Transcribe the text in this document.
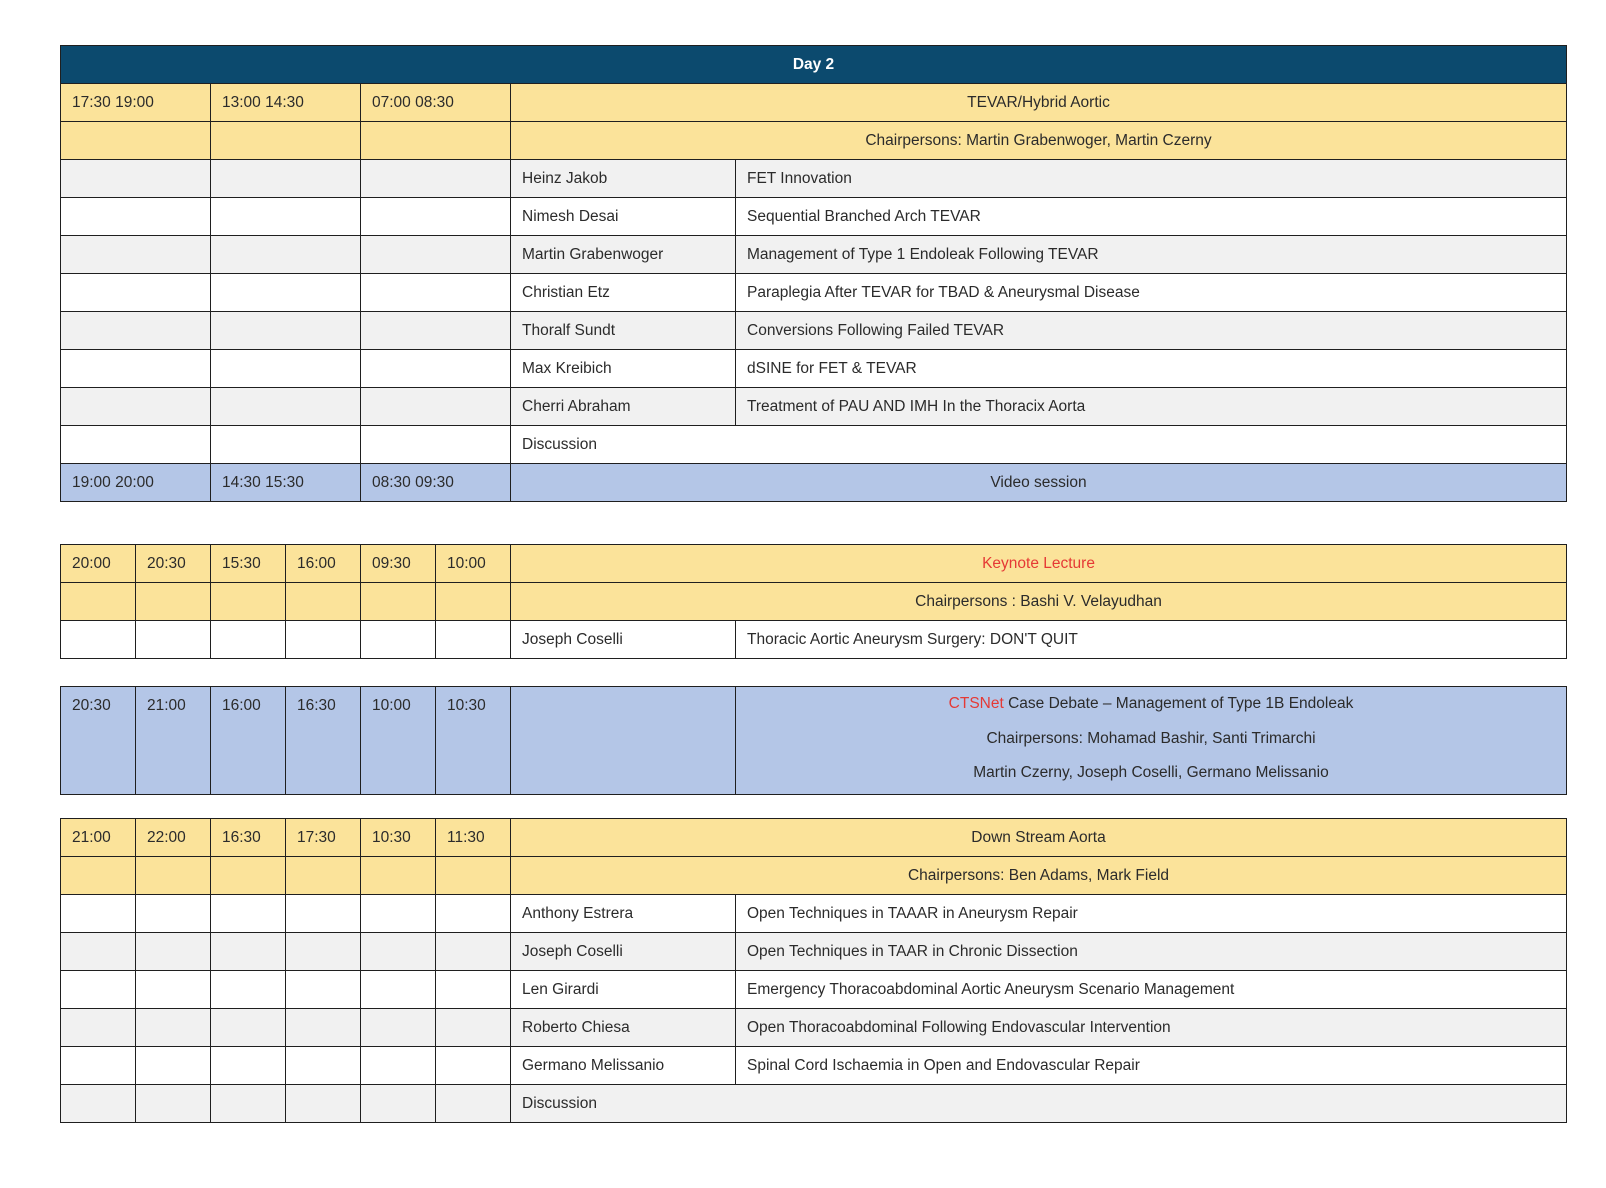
Day 2				
17:30 19:00	13:00 14:30	07:00 08:30	TEVAR/Hybrid Aortic	
			Chairpersons: Martin Grabenwoger, Martin Czerny	
			Heinz Jakob	FET Innovation
			Nimesh Desai	Sequential Branched Arch TEVAR
			Martin Grabenwoger	Management of Type 1 Endoleak Following TEVAR
			Christian Etz	Paraplegia After TEVAR for TBAD & Aneurysmal Disease
			Thoralf Sundt	Conversions Following Failed TEVAR
			Max Kreibich	dSINE for FET & TEVAR
			Cherri Abraham	Treatment of PAU AND IMH In the Thoracix Aorta
			Discussion	
19:00 20:00	14:30 15:30	08:30 09:30	Video session	
20:00	20:30	15:30	16:00	09:30	10:00	Keynote Lecture	
						Chairpersons : Bashi V. Velayudhan	
						Joseph Coselli	Thoracic Aortic Aneurysm Surgery: DON'T QUIT
20:30	21:00	16:00	16:30	10:00	10:30		CTSNet Case Debate – Management of Type 1B Endoleak
Chairpersons: Mohamad Bashir, Santi Trimarchi
Martin Czerny, Joseph Coselli, Germano Melissanio
21:00	22:00	16:30	17:30	10:30	11:30	Down Stream Aorta	
						Chairpersons: Ben Adams, Mark Field	
						Anthony Estrera	Open Techniques in TAAAR in Aneurysm Repair
						Joseph Coselli	Open Techniques in TAAR in Chronic Dissection
						Len Girardi	Emergency Thoracoabdominal Aortic Aneurysm Scenario Management
						Roberto Chiesa	Open Thoracoabdominal Following Endovascular Intervention
						Germano Melissanio	Spinal Cord Ischaemia in Open and Endovascular Repair
						Discussion	
